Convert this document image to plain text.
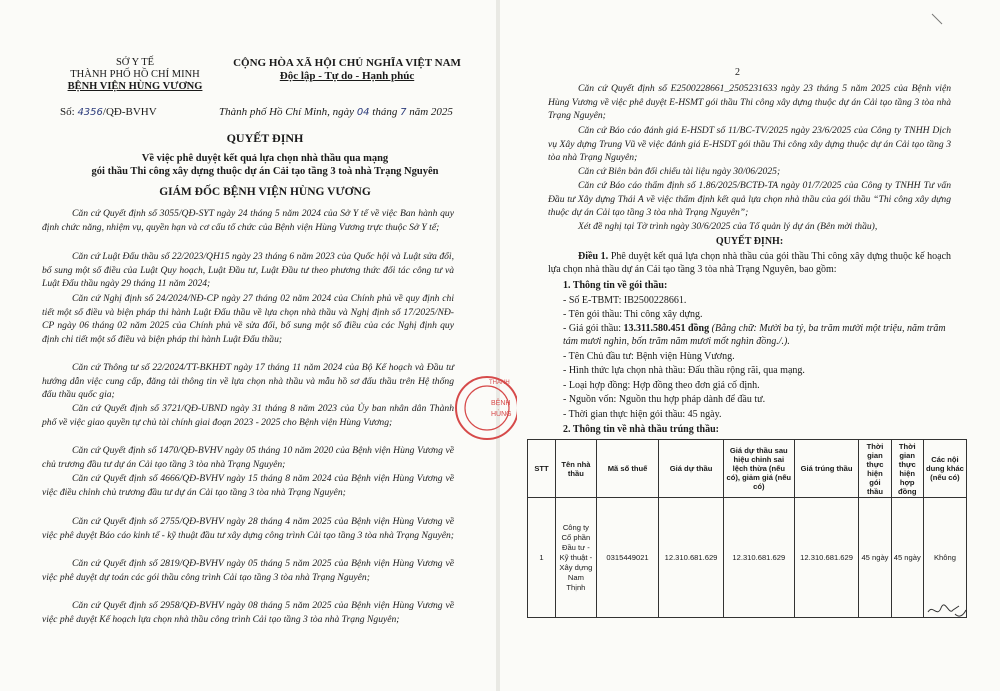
SỞ Y TẾ
THÀNH PHỐ HỒ CHÍ MINH
BỆNH VIỆN HÙNG VƯƠNG
CỘNG HÒA XÃ HỘI CHỦ NGHĨA VIỆT NAM
Độc lập - Tự do - Hạnh phúc
Số: 4356/QĐ-BVHV	Thành phố Hồ Chí Minh, ngày 04 tháng 7 năm 2025
QUYẾT ĐỊNH
Về việc phê duyệt kết quả lựa chọn nhà thầu qua mạng
gói thầu Thi công xây dựng thuộc dự án Cải tạo tầng 3 toà nhà Trạng Nguyên
GIÁM ĐỐC BỆNH VIỆN HÙNG VƯƠNG
Căn cứ Quyết định số 3055/QĐ-SYT ngày 24 tháng 5 năm 2024 của Sở Y tế về việc Ban hành quy định chức năng, nhiệm vụ, quyền hạn và cơ cấu tổ chức của Bệnh viện Hùng Vương trực thuộc Sở Y tế;
Căn cứ Luật Đấu thầu số 22/2023/QH15 ngày 23 tháng 6 năm 2023 của Quốc hội và Luật sửa đổi, bổ sung một số điều của Luật Quy hoạch, Luật Đầu tư, Luật Đầu tư theo phương thức đối tác công tư và Luật Đấu thầu ngày 29 tháng 11 năm 2024;
Căn cứ Nghị định số 24/2024/NĐ-CP ngày 27 tháng 02 năm 2024 của Chính phủ về quy định chi tiết một số điều và biện pháp thi hành Luật Đấu thầu về lựa chọn nhà thầu và Nghị định số 17/2025/NĐ-CP ngày 06 tháng 02 năm 2025 của Chính phủ về sửa đổi, bổ sung một số điều của các Nghị định quy định chi tiết một số điều và biện pháp thi hành Luật Đấu thầu;
Căn cứ Thông tư số 22/2024/TT-BKHĐT ngày 17 tháng 11 năm 2024 của Bộ Kế hoạch và Đầu tư hướng dẫn việc cung cấp, đăng tải thông tin về lựa chọn nhà thầu và mẫu hồ sơ đấu thầu trên Hệ thống đấu thầu quốc gia;
Căn cứ Quyết định số 3721/QĐ-UBND ngày 31 tháng 8 năm 2023 của Ủy ban nhân dân Thành phố về việc giao quyền tự chủ tài chính giai đoạn 2023 - 2025 cho Bệnh viện Hùng Vương;
Căn cứ Quyết định số 1470/QĐ-BVHV ngày 05 tháng 10 năm 2020 của Bệnh viện Hùng Vương về chủ trương đầu tư dự án Cải tạo tầng 3 tòa nhà Trạng Nguyên;
Căn cứ Quyết định số 4666/QĐ-BVHV ngày 15 tháng 8 năm 2024 của Bệnh viện Hùng Vương về việc điều chỉnh chủ trương đầu tư dự án Cải tạo tầng 3 tòa nhà Trạng Nguyên;
Căn cứ Quyết định số 2755/QĐ-BVHV ngày 28 tháng 4 năm 2025 của Bệnh viện Hùng Vương về việc phê duyệt Báo cáo kinh tế - kỹ thuật đầu tư xây dựng công trình Cải tạo tầng 3 tòa nhà Trạng Nguyên;
Căn cứ Quyết định số 2819/QĐ-BVHV ngày 05 tháng 5 năm 2025 của Bệnh viện Hùng Vương về việc phê duyệt dự toán các gói thầu công trình Cải tạo tầng 3 tòa nhà Trạng Nguyên;
Căn cứ Quyết định số 2958/QĐ-BVHV ngày 08 tháng 5 năm 2025 của Bệnh viện Hùng Vương về việc phê duyệt Kế hoạch lựa chọn nhà thầu công trình Cải tạo tầng 3 tòa nhà Trạng Nguyên;
THÀNH
BỆNH
HÙNG
2
Căn cứ Quyết định số E2500228661_2505231633 ngày 23 tháng 5 năm 2025 của Bệnh viện Hùng Vương về việc phê duyệt E-HSMT gói thầu Thi công xây dựng thuộc dự án Cải tạo tầng 3 tòa nhà Trạng Nguyên;
Căn cứ Báo cáo đánh giá E-HSDT số 11/BC-TV/2025 ngày 23/6/2025 của Công ty TNHH Dịch vụ Xây dựng Trung Vũ về việc đánh giá E-HSDT gói thầu Thi công xây dựng thuộc dự án Cải tạo tầng 3 tòa nhà Trạng Nguyên;
Căn cứ Biên bản đối chiếu tài liệu ngày 30/06/2025;
Căn cứ Báo cáo thẩm định số 1.86/2025/BCTĐ-TA ngày 01/7/2025 của Công ty TNHH Tư vấn Đầu tư Xây dựng Thái A về việc thẩm định kết quả lựa chọn nhà thầu của gói thầu “Thi công xây dựng thuộc dự án Cải tạo tầng 3 tòa nhà Trạng Nguyên”;
Xét đề nghị tại Tờ trình ngày 30/6/2025 của Tổ quản lý dự án (Bên mời thầu),
QUYẾT ĐỊNH:
Điều 1. Phê duyệt kết quả lựa chọn nhà thầu của gói thầu Thi công xây dựng thuộc kế hoạch lựa chọn nhà thầu dự án Cải tạo tầng 3 tòa nhà Trạng Nguyên, bao gồm:
1. Thông tin về gói thầu:
- Số E-TBMT: IB2500228661.
- Tên gói thầu: Thi công xây dựng.
- Giá gói thầu: 13.311.580.451 đồng (Bằng chữ: Mười ba tỷ, ba trăm mười một triệu, năm trăm tám mươi nghìn, bốn trăm năm mươi mốt nghìn đồng./.).
- Tên Chủ đầu tư: Bệnh viện Hùng Vương.
- Hình thức lựa chọn nhà thầu: Đấu thầu rộng rãi, qua mạng.
- Loại hợp đồng: Hợp đồng theo đơn giá cố định.
- Nguồn vốn: Nguồn thu hợp pháp dành để đầu tư.
- Thời gian thực hiện gói thầu: 45 ngày.
2. Thông tin về nhà thầu trúng thầu:
STT	Tên nhà thầu	Mã số thuế	Giá dự thầu	Giá dự thầu sau hiệu chỉnh sai lệch thừa (nếu có), giảm giá (nếu có)	Giá trúng thầu	Thời gian thực hiện gói thầu	Thời gian thực hiện hợp đồng	Các nội dung khác (nếu có)
1	Công ty Cổ phần Đầu tư - Kỹ thuật - Xây dựng Nam Thịnh	0315449021	12.310.681.629	12.310.681.629	12.310.681.629	45 ngày	45 ngày	Không
